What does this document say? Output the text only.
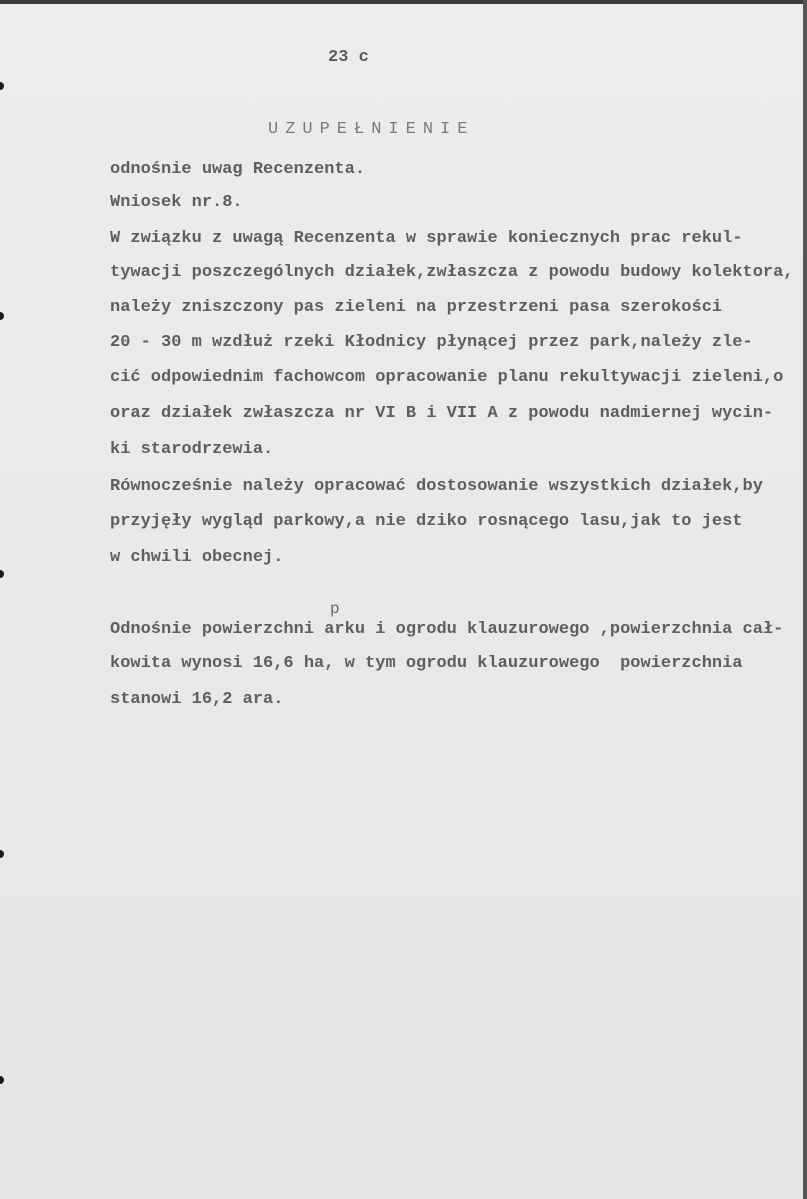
23 c
UZUPEŁNIENIE
odnośnie uwag Recenzenta.
Wniosek nr.8.
W związku z uwagą Recenzenta w sprawie koniecznych prac rekul-
tywacji poszczególnych działek,zwłaszcza z powodu budowy kolektora,
należy zniszczony pas zieleni na przestrzeni pasa szerokości
20 - 30 m wzdłuż rzeki Kłodnicy płynącej przez park,należy zle-
cić odpowiednim fachowcom opracowanie planu rekultywacji zieleni,o
oraz działek zwłaszcza nr VI B i VII A z powodu nadmiernej wycin-
ki starodrzewia.
Równocześnie należy opracować dostosowanie wszystkich działek,by
przyjęły wygląd parkowy,a nie dziko rosnącego lasu,jak to jest
w chwili obecnej.
p
Odnośnie powierzchni arku i ogrodu klauzurowego ,powierzchnia cał-
kowita wynosi 16,6 ha, w tym ogrodu klauzurowego  powierzchnia
stanowi 16,2 ara.
